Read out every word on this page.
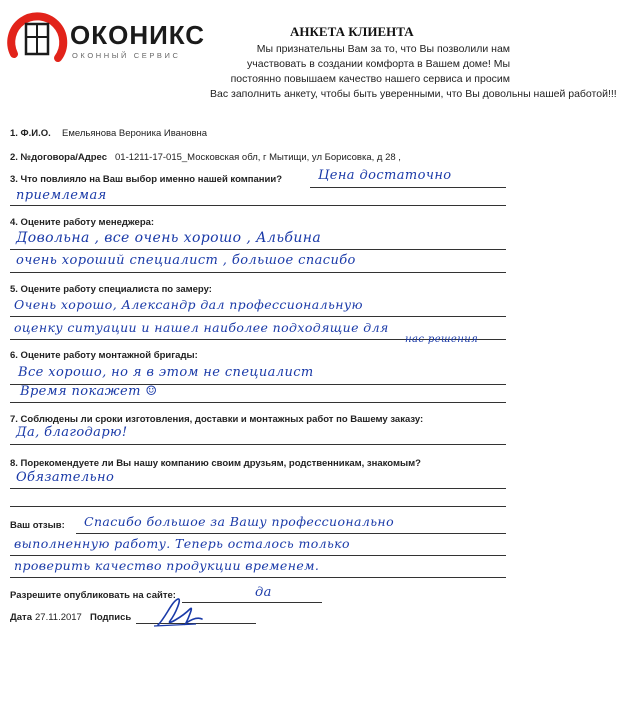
ОКОНИКС
ОКОННЫЙ СЕРВИС
АНКЕТА КЛИЕНТА
Мы признательны Вам за то, что Вы позволили нам
участвовать в создании комфорта в Вашем доме! Мы
постоянно повышаем качество нашего сервиса и просим
Вас заполнить анкету, чтобы быть уверенными, что Вы довольны нашей работой!!!
1. Ф.И.О. Емельянова Вероника Ивановна
2. №договора/Адрес 01-1211-17-015_Московская обл, г Мытищи, ул Борисовка, д 28 ,
3. Что повлияло на Ваш выбор именно нашей компании?	Цена достаточно
приемлемая
4. Оцените работу менеджера:
Довольна , все очень хорошо , Альбина
очень хороший специалист , большое спасибо
5. Оцените работу специалиста по замеру:
Очень хорошо, Александр дал профессиональную
оценку ситуации и нашел наиболее подходящие для
нас решения
6. Оцените работу монтажной бригады:
Все хорошо, но я в этом не специалист
Время покажет ☺
7. Соблюдены ли сроки изготовления, доставки и монтажных работ по Вашему заказу:
Да, благодарю!
8. Порекомендуете ли Вы нашу компанию своим друзьям, родственникам, знакомым?
Обязательно
Ваш отзыв: Спасибо большое за Вашу профессионально
выполненную работу. Теперь осталось только
проверить качество продукции временем.
Разрешите опубликовать на сайте:	да
Дата 27.11.2017 Подпись
